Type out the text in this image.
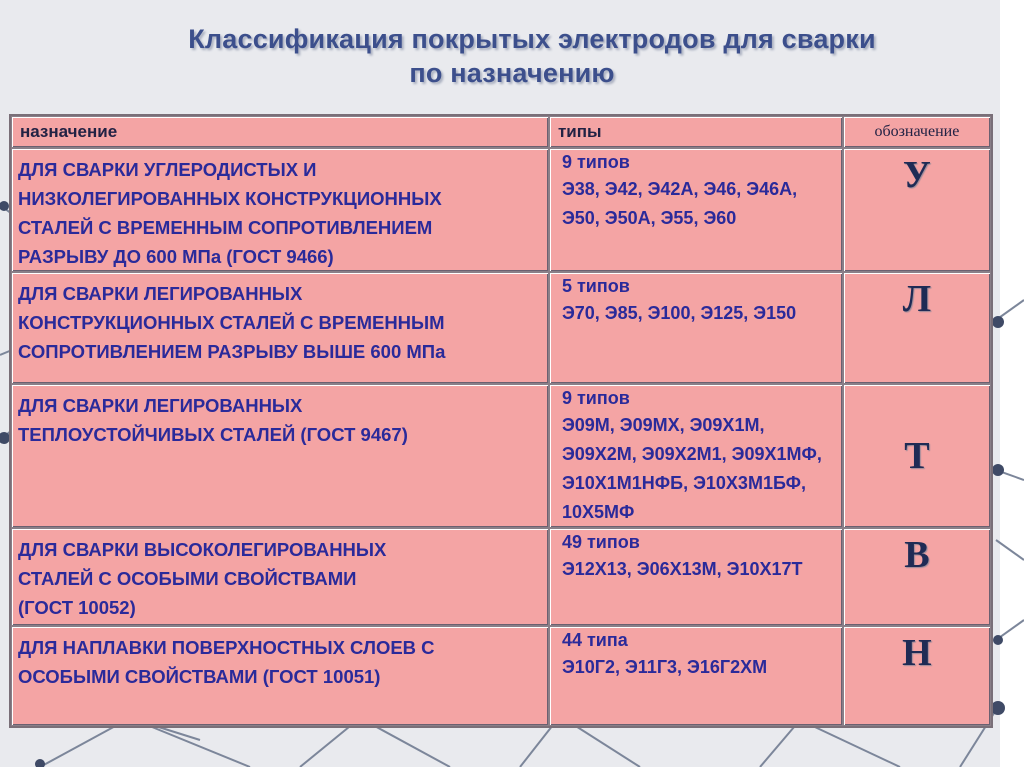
Классификация покрытых электродов для сварки
по назначению
назначение	типы	обозначение

ДЛЯ СВАРКИ УГЛЕРОДИСТЫХ И
НИЗКОЛЕГИРОВАННЫХ КОНСТРУКЦИОННЫХ
СТАЛЕЙ С ВРЕМЕННЫМ СОПРОТИВЛЕНИЕМ
РАЗРЫВУ ДО 600 МПа (ГОСТ 9466)	9 типов
Э38, Э42, Э42А, Э46, Э46А, Э50, Э50А, Э55, Э60	У

ДЛЯ СВАРКИ ЛЕГИРОВАННЫХ
КОНСТРУКЦИОННЫХ СТАЛЕЙ С ВРЕМЕННЫМ
СОПРОТИВЛЕНИЕМ РАЗРЫВУ ВЫШЕ 600 МПа	5 типов
Э70, Э85, Э100, Э125, Э150	Л

ДЛЯ СВАРКИ ЛЕГИРОВАННЫХ
ТЕПЛОУСТОЙЧИВЫХ СТАЛЕЙ (ГОСТ 9467)	9 типов
Э09М, Э09МХ, Э09Х1М, Э09Х2М, Э09Х2М1, Э09Х1МФ, Э10Х1М1НФБ, Э10Х3М1БФ, 10Х5МФ	Т

ДЛЯ СВАРКИ ВЫСОКОЛЕГИРОВАННЫХ
СТАЛЕЙ С ОСОБЫМИ СВОЙСТВАМИ
(ГОСТ 10052)	49 типов
Э12Х13, Э06Х13М, Э10Х17Т	В

ДЛЯ НАПЛАВКИ ПОВЕРХНОСТНЫХ СЛОЕВ С
ОСОБЫМИ СВОЙСТВАМИ (ГОСТ 10051)	44 типа
Э10Г2, Э11Г3, Э16Г2ХМ	Н
